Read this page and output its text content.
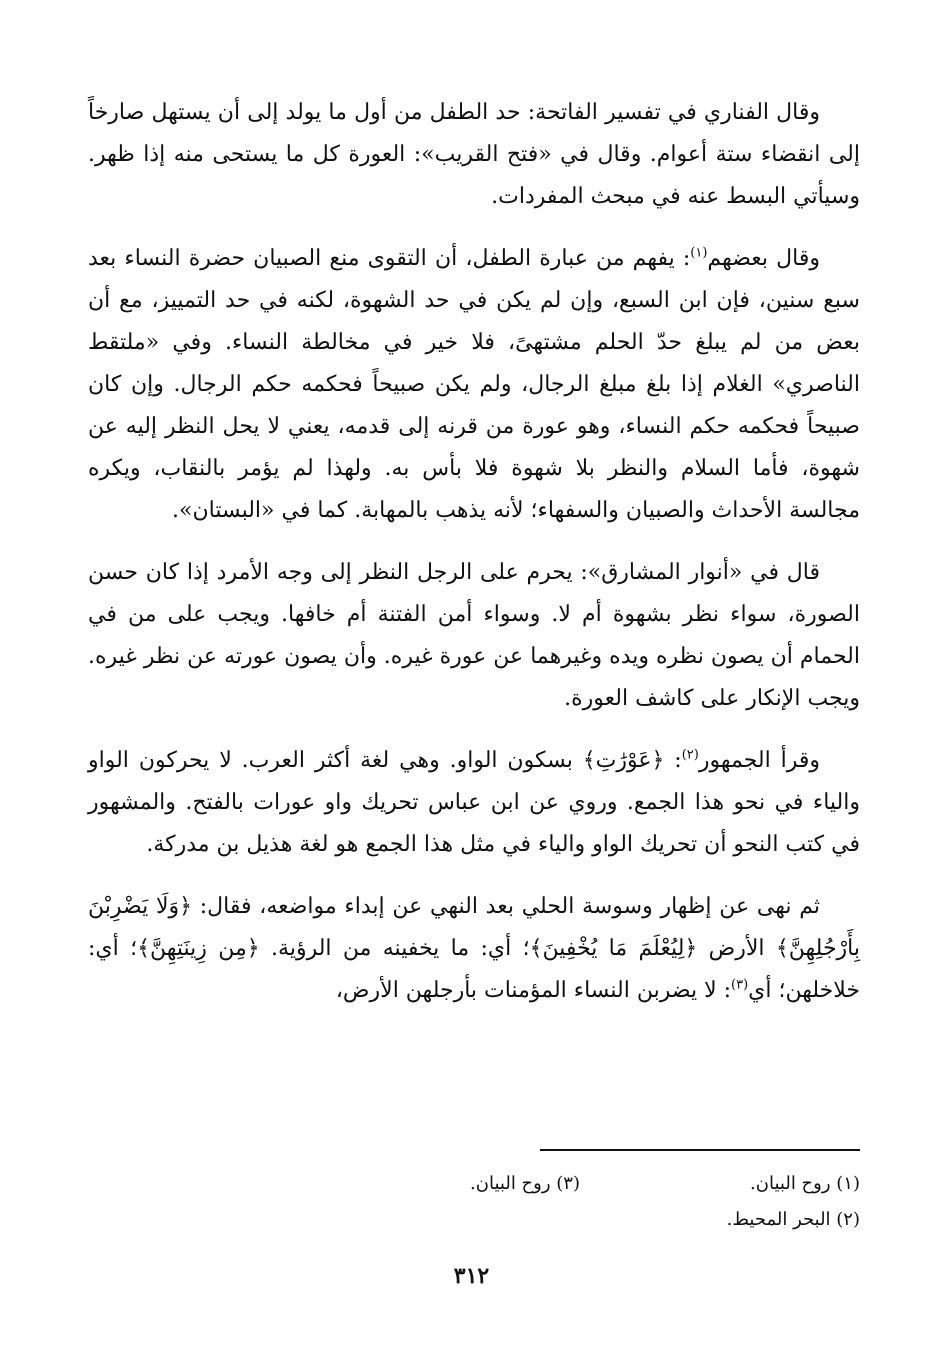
وقال الفناري في تفسير الفاتحة: حد الطفل من أول ما يولد إلى أن يستهل صارخاً إلى انقضاء ستة أعوام. وقال في «فتح القريب»: العورة كل ما يستحى منه إذا ظهر. وسيأتي البسط عنه في مبحث المفردات.

وقال بعضهم$^{(١)}$: يفهم من عبارة الطفل، أن التقوى منع الصبيان حضرة النساء بعد سبع سنين، فإن ابن السبع، وإن لم يكن في حد الشهوة، لكنه في حد التمييز، مع أن بعض من لم يبلغ حدّ الحلم مشتهىً، فلا خير في مخالطة النساء. وفي «ملتقط الناصري» الغلام إذا بلغ مبلغ الرجال، ولم يكن صبيحاً فحكمه حكم الرجال. وإن كان صبيحاً فحكمه حكم النساء، وهو عورة من قرنه إلى قدمه، يعني لا يحل النظر إليه عن شهوة، فأما السلام والنظر بلا شهوة فلا بأس به. ولهذا لم يؤمر بالنقاب، ويكره مجالسة الأحداث والصبيان والسفهاء؛ لأنه يذهب بالمهابة. كما في «البستان».

قال في «أنوار المشارق»: يحرم على الرجل النظر إلى وجه الأمرد إذا كان حسن الصورة، سواء نظر بشهوة أم لا. وسواء أمن الفتنة أم خافها. ويجب على من في الحمام أن يصون نظره ويده وغيرهما عن عورة غيره. وأن يصون عورته عن نظر غيره. ويجب الإنكار على كاشف العورة.

وقرأ الجمهور$^{(٢)}$: ﴿عَوْرَٰتِ﴾ بسكون الواو. وهي لغة أكثر العرب. لا يحركون الواو والياء في نحو هذا الجمع. وروي عن ابن عباس تحريك واو عورات بالفتح. والمشهور في كتب النحو أن تحريك الواو والياء في مثل هذا الجمع هو لغة هذيل بن مدركة.

ثم نهى عن إظهار وسوسة الحلي بعد النهي عن إبداء مواضعه، فقال: ﴿وَلَا يَضْرِبْنَ بِأَرْجُلِهِنَّ﴾ الأرض ﴿لِيُعْلَمَ مَا يُخْفِينَ﴾؛ أي: ما يخفينه من الرؤية. ﴿مِن زِينَتِهِنَّ﴾؛ أي: خلاخلهن؛ أي$^{(٣)}$: لا يضربن النساء المؤمنات بأرجلهن الأرض،

(١) روح البيان.
(٣) روح البيان.
(٢) البحر المحيط.
٣١٢
